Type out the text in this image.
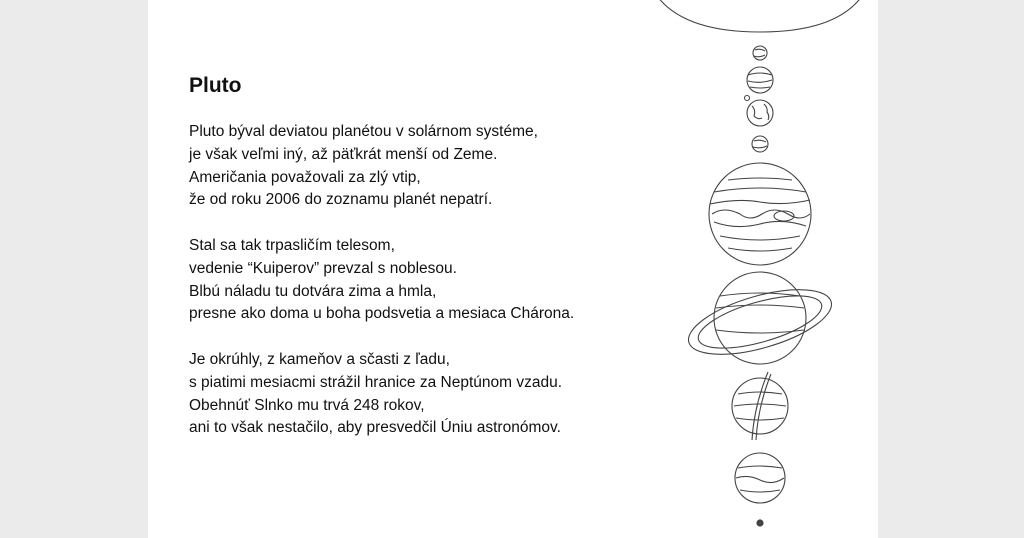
Pluto

Pluto býval deviatou planétou v solárnom systéme,
je však veľmi iný, až päťkrát menší od Zeme.
Američania považovali za zlý vtip,
že od roku 2006 do zoznamu planét nepatrí.

Stal sa tak trpasličím telesom,
vedenie “Kuiperov” prevzal s noblesou.
Blbú náladu tu dotvára zima a hmla,
presne ako doma u boha podsvetia a mesiaca Chárona.

Je okrúhly, z kameňov a sčasti z ľadu,
s piatimi mesiacmi strážil hranice za Neptúnom vzadu.
Obehnúť Slnko mu trvá 248 rokov,
ani to však nestačilo, aby presvedčil Úniu astronómov.
